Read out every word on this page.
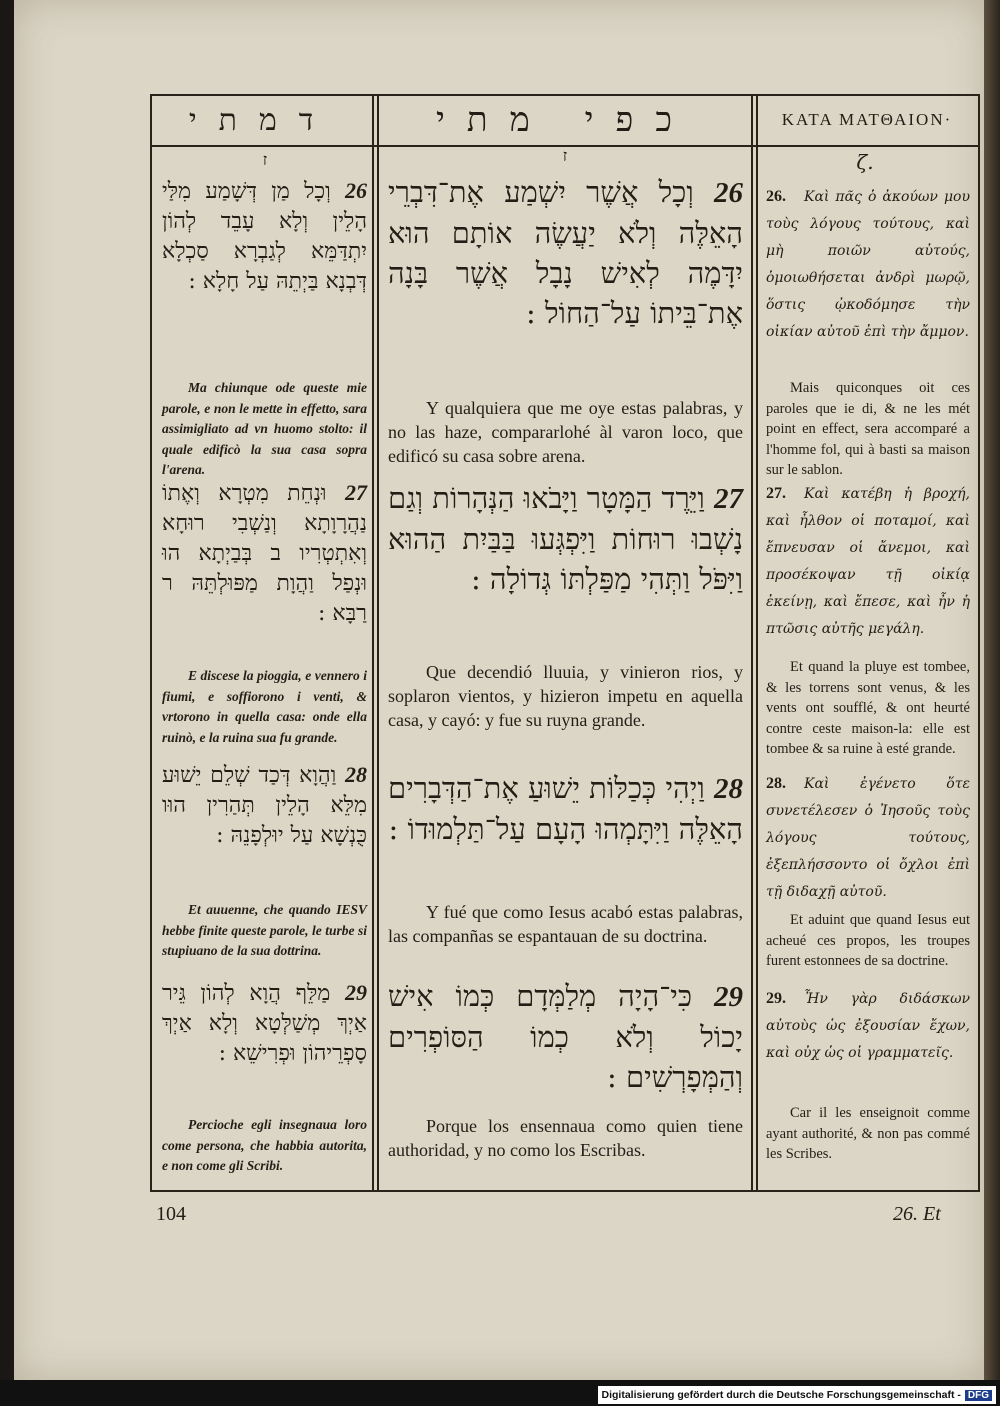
דמתי	כפי מתי	ΚΑΤΑ ΜΑΤΘΑΙΟΝ·
ז	ז	ζ.
26 וְכָל מַן דְּשָׁמַע מִלַּי הָלֵין וְלָא עָבֵד לְהוֹן יִתְדַּמֵּא לְגַבְרָא סַכְלָא דְּבְנָא בַּיְתֵהּ עַל חָלָא :
Ma chiunque ode queste mie parole, e non le mette in effetto, sara assimigliato ad vn huomo stolto: il quale edificò la sua casa sopra l'arena.
27 וּנְחֵת מִטְרָא וְאֶתוֹ נַהֲרָוָתָא וְנַשְׁבִי רוּחָא וְאִתְטְרִיו ב בְּבַיְתָא הוּ וּנְפַל וַהֲוָת מַפּוּלְתֵּהּ ר רַבָּא :
E discese la pioggia, e vennero i fiumi, e soffiorono i venti, & vrtorono in quella casa: onde ella ruinò, e la ruina sua fu grande.
28 וַהֲוָא דְּכַד שְׁלֵם יֵשׁוּע מִלֵּא הָלֵין תְּהַרִין הוּו כֻּנְשָׁא עַל יוּלְפָנֵהּ :
Et auuenne, che quando IESV hebbe finite queste parole, le turbe si stupiuano de la sua dottrina.
29 מַלֵּף הֲוָא לְהוֹן גֵּיר אַיְךְ מְשַׁלְּטָא וְלָא אַיְךְ סָפְרֵיהוֹן וּפְרִישֵׁא :
Percioche egli insegnaua loro come persona, che habbia autorita, e non come gli Scribi.
26 וְכָל אֲשֶׁר יִשְׁמַע אֶת־דִּבְרֵי הָאֵלֶּה וְלֹא יַעֲשֶׂה אוֹתָם הוּא יִדָּמֶה לְאִישׁ נָבָל אֲשֶׁר בָּנָה אֶת־בֵּיתוֹ עַל־הַחוֹל :
Y qualquiera que me oye estas palabras, y no las haze, compararlohé àl varon loco, que edificó su casa sobre arena.
27 וַיֵּרֶד הַמָּטָר וַיָּבֹאוּ הַנְּהָרוֹת וְגַם נָשְׁבוּ רוּחוֹת וַיִּפְגְּעוּ בַּבַּיִת הַהוּא וַיִּפֹּל וַתְּהִי מַפַּלְתּוֹ גְּדוֹלָה :
Que decendió lluuia, y vinieron rios, y soplaron vientos, y hizieron impetu en aquella casa, y cayó: y fue su ruyna grande.
28 וַיְהִי כְּכַלּוֹת יֵשׁוּעַ אֶת־הַדְּבָרִים הָאֵלֶּה וַיִּתָּמְהוּ הָעָם עַל־תַּלְמוּדוֹ :
Y fué que como Iesus acabó estas palabras, las companñas se espantauan de su doctrina.
29 כִּי־הָיָה מְלַמְּדָם כְּמוֹ אִישׁ יָכוֹל וְלֹא כְמוֹ הַסּוֹפְרִים וְהַמְּפָרְשִׁים :
Porque los ensennaua como quien tiene authoridad, y no como los Escribas.
26. Καὶ πᾶς ὁ ἀκούων μου τοὺς λόγους τούτους, καὶ μὴ ποιῶν αὐτούς, ὁμοιωθήσεται ἀνδρὶ μωρῷ, ὅστις ᾠκοδόμησε τὴν οἰκίαν αὐτοῦ ἐπὶ τὴν ἄμμον.
Mais quiconques oit ces paroles que ie di, & ne les mét point en effect, sera accomparé a l'homme fol, qui à basti sa maison sur le sablon.
27. Καὶ κατέβη ἡ βροχή, καὶ ἦλθον οἱ ποταμοί, καὶ ἔπνευσαν οἱ ἄνεμοι, καὶ προσέκοψαν τῇ οἰκίᾳ ἐκείνῃ, καὶ ἔπεσε, καὶ ἦν ἡ πτῶσις αὐτῆς μεγάλη.
Et quand la pluye est tombee, & les torrens sont venus, & les vents ont soufflé, & ont heurté contre ceste maison-la: elle est tombee & sa ruine à esté grande.
28. Καὶ ἐγένετο ὅτε συνετέλεσεν ὁ Ἰησοῦς τοὺς λόγους τούτους, ἐξεπλήσσοντο οἱ ὄχλοι ἐπὶ τῇ διδαχῇ αὐτοῦ.
Et aduint que quand Iesus eut acheué ces propos, les troupes furent estonnees de sa doctrine.
29. Ἦν γὰρ διδάσκων αὐτοὺς ὡς ἐξουσίαν ἔχων, καὶ οὐχ ὡς οἱ γραμματεῖς.
Car il les enseignoit comme ayant authorité, & non pas commé les Scribes.
104	26. Et
Digitalisierung gefördert durch die Deutsche Forschungsgemeinschaft - DFG
